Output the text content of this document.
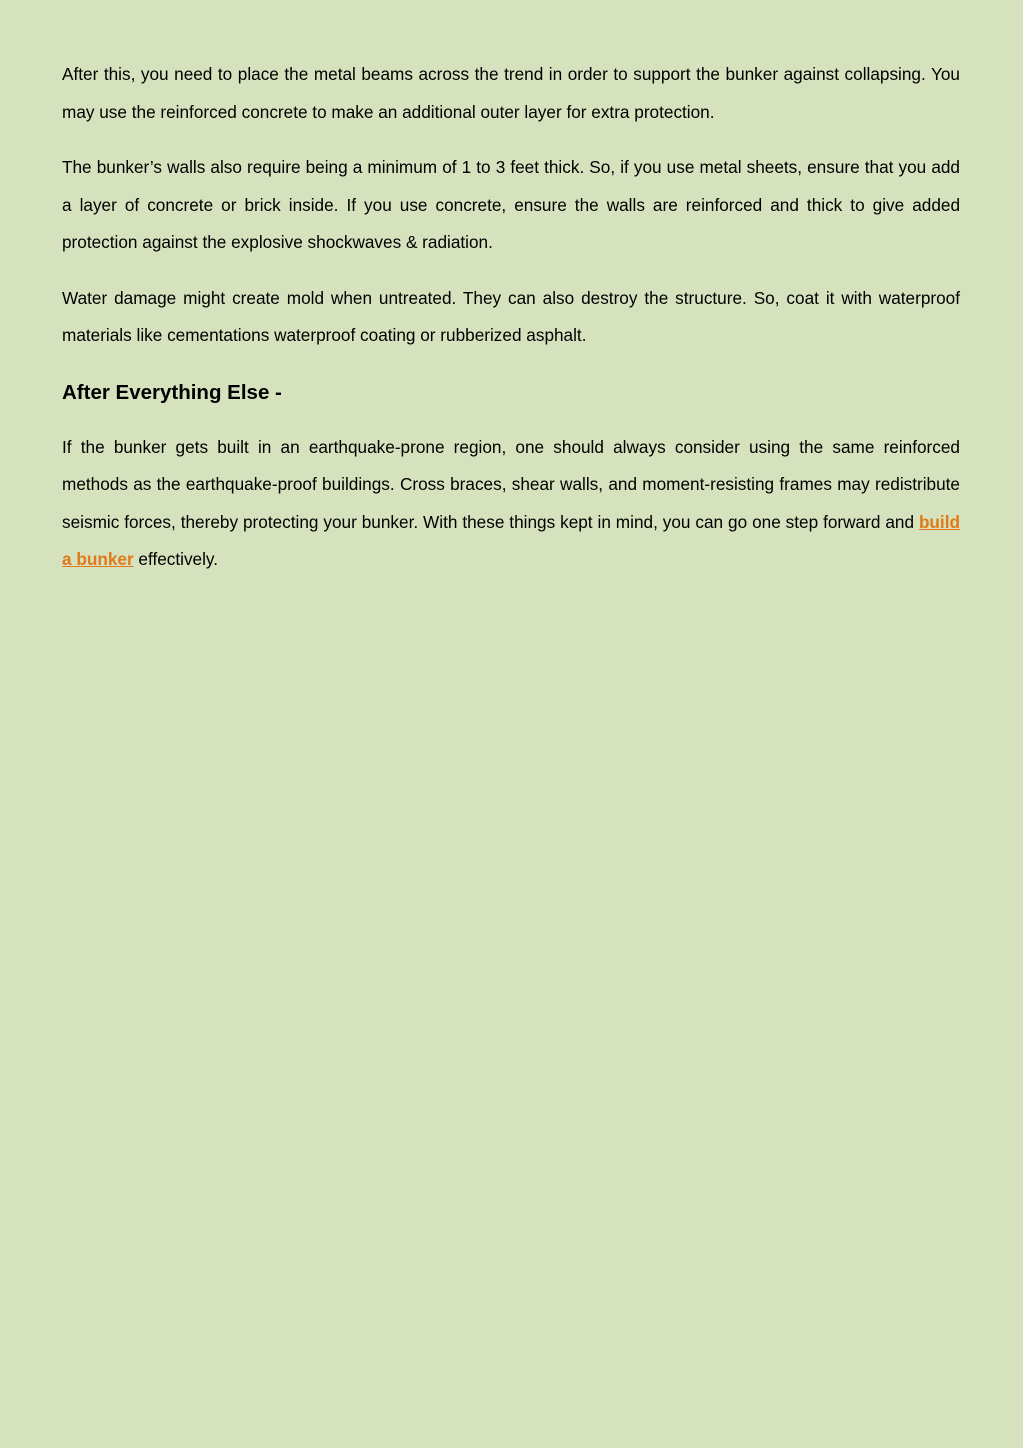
After this, you need to place the metal beams across the trend in order to support the bunker against collapsing. You may use the reinforced concrete to make an additional outer layer for extra protection.

The bunker’s walls also require being a minimum of 1 to 3 feet thick. So, if you use metal sheets, ensure that you add a layer of concrete or brick inside. If you use concrete, ensure the walls are reinforced and thick to give added protection against the explosive shockwaves & radiation.

Water damage might create mold when untreated. They can also destroy the structure. So, coat it with waterproof materials like cementations waterproof coating or rubberized asphalt.

After Everything Else -

If the bunker gets built in an earthquake-prone region, one should always consider using the same reinforced methods as the earthquake-proof buildings. Cross braces, shear walls, and moment-resisting frames may redistribute seismic forces, thereby protecting your bunker. With these things kept in mind, you can go one step forward and build a bunker effectively.
